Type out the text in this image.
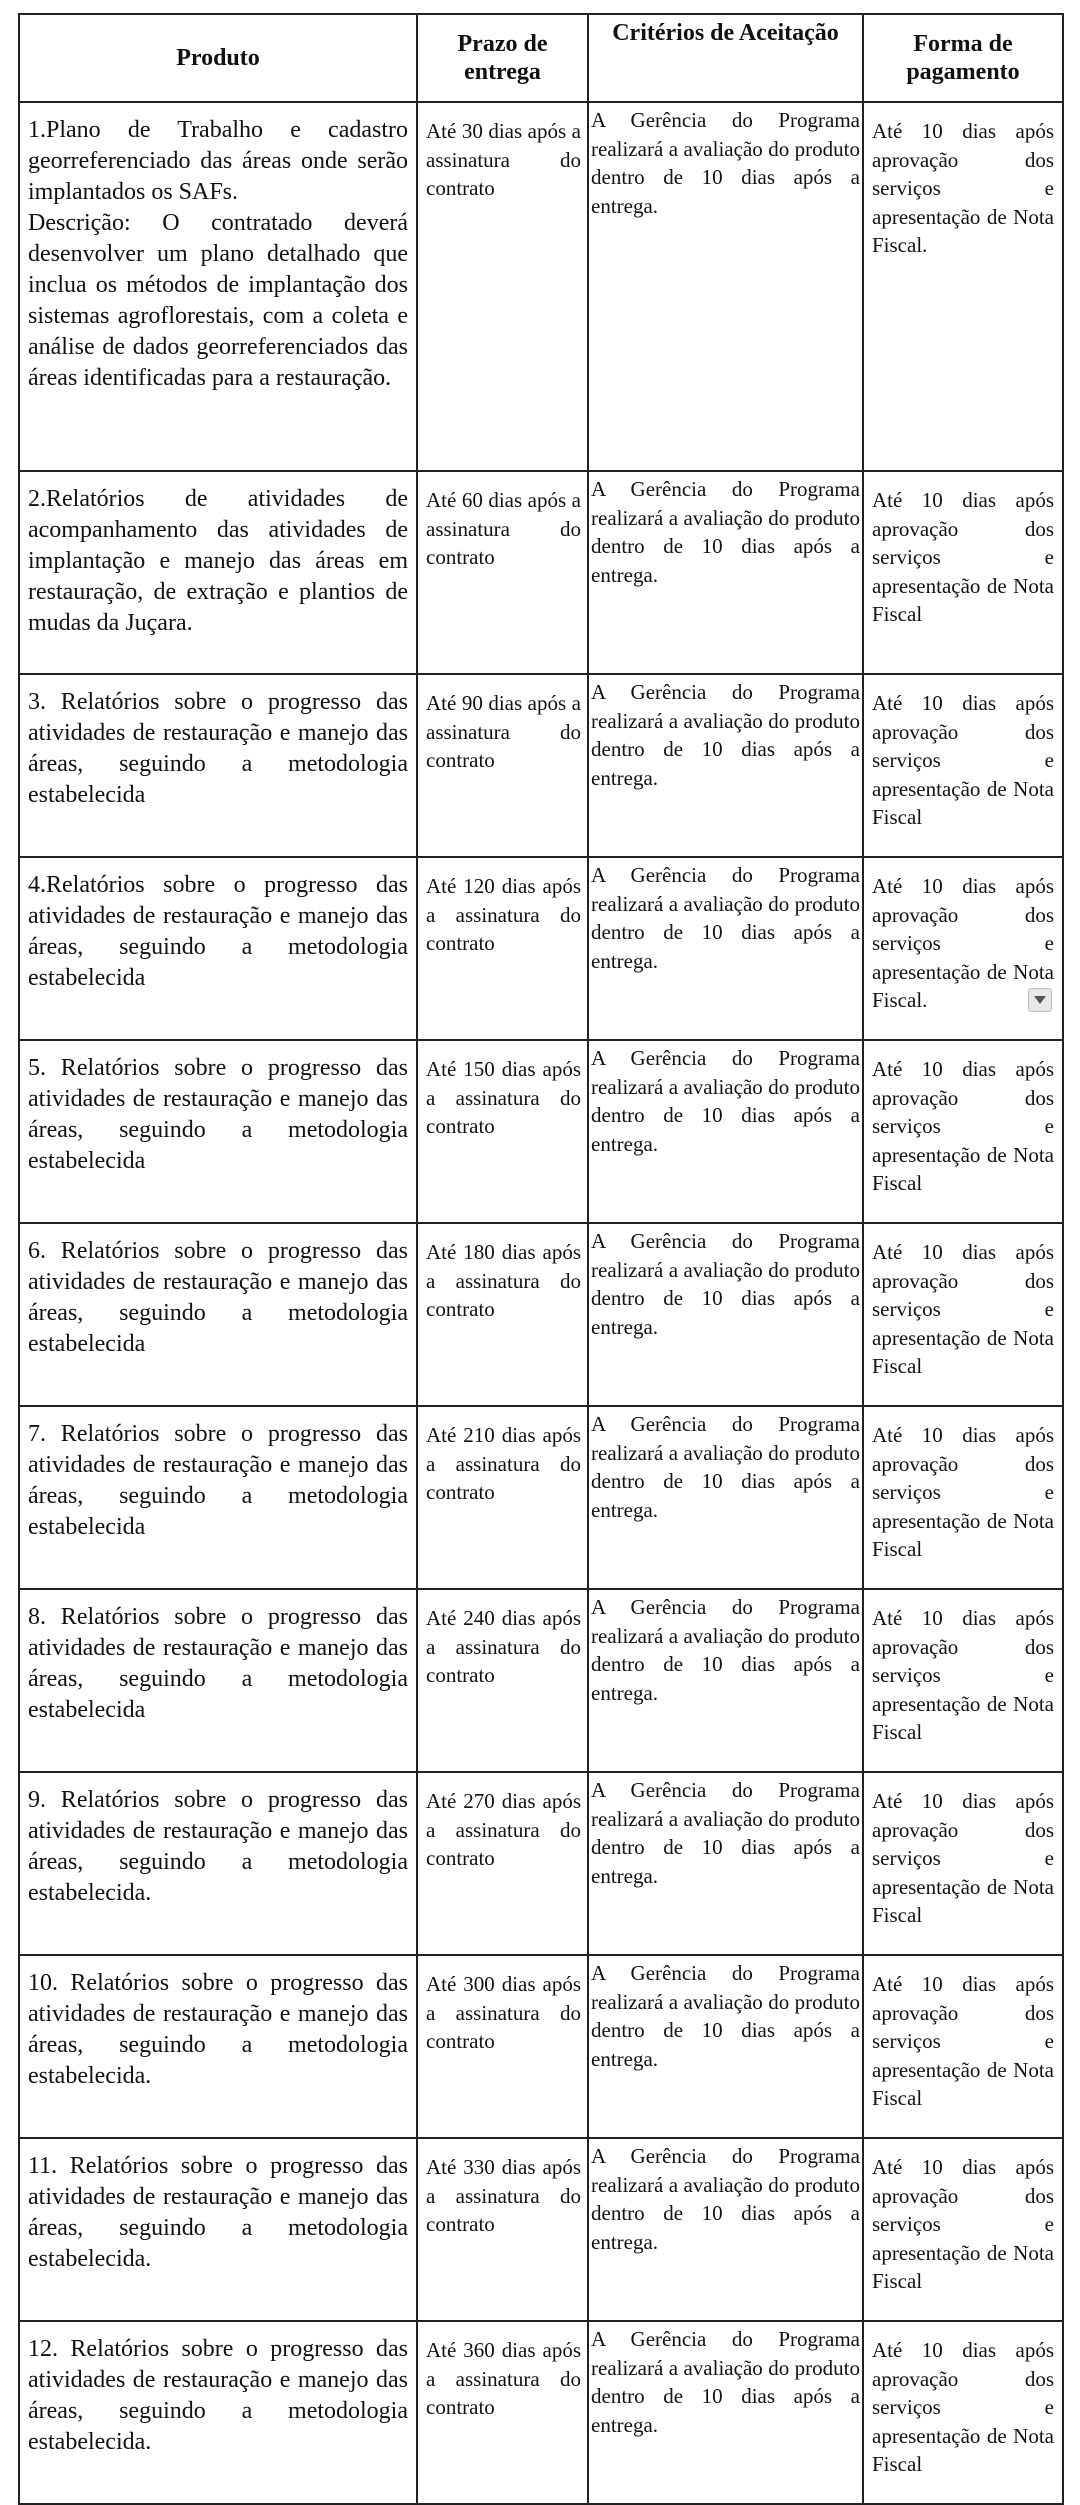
Produto	Prazo de entrega	Critérios de Aceitação	Forma de pagamento

1.Plano de Trabalho e cadastro georreferenciado das áreas onde serão implantados os SAFs.
Descrição: O contratado deverá desenvolver um plano detalhado que inclua os métodos de implantação dos sistemas agroflorestais, com a coleta e análise de dados georreferenciados das áreas identificadas para a restauração.	Até 30 dias após a assinatura do contrato	A Gerência do Programa realizará a avaliação do produto dentro de 10 dias após a entrega.	Até 10 dias após aprovação dos serviços e apresentação de Nota Fiscal.
2.Relatórios de atividades de acompanhamento das atividades de implantação e manejo das áreas em restauração, de extração e plantios de mudas da Juçara.	Até 60 dias após a assinatura do contrato	A Gerência do Programa realizará a avaliação do produto dentro de 10 dias após a entrega.	Até 10 dias após aprovação dos serviços e apresentação de Nota Fiscal
3. Relatórios sobre o progresso das atividades de restauração e manejo das áreas, seguindo a metodologia estabelecida	Até 90 dias após a assinatura do contrato	A Gerência do Programa realizará a avaliação do produto dentro de 10 dias após a entrega.	Até 10 dias após aprovação dos serviços e apresentação de Nota Fiscal
4.Relatórios sobre o progresso das atividades de restauração e manejo das áreas, seguindo a metodologia estabelecida	Até 120 dias após a assinatura do contrato	A Gerência do Programa realizará a avaliação do produto dentro de 10 dias após a entrega.	Até 10 dias após aprovação dos serviços e apresentação de Nota Fiscal.
5. Relatórios sobre o progresso das atividades de restauração e manejo das áreas, seguindo a metodologia estabelecida	Até 150 dias após a assinatura do contrato	A Gerência do Programa realizará a avaliação do produto dentro de 10 dias após a entrega.	Até 10 dias após aprovação dos serviços e apresentação de Nota Fiscal
6. Relatórios sobre o progresso das atividades de restauração e manejo das áreas, seguindo a metodologia estabelecida	Até 180 dias após a assinatura do contrato	A Gerência do Programa realizará a avaliação do produto dentro de 10 dias após a entrega.	Até 10 dias após aprovação dos serviços e apresentação de Nota Fiscal
7. Relatórios sobre o progresso das atividades de restauração e manejo das áreas, seguindo a metodologia estabelecida	Até 210 dias após a assinatura do contrato	A Gerência do Programa realizará a avaliação do produto dentro de 10 dias após a entrega.	Até 10 dias após aprovação dos serviços e apresentação de Nota Fiscal
8. Relatórios sobre o progresso das atividades de restauração e manejo das áreas, seguindo a metodologia estabelecida	Até 240 dias após a assinatura do contrato	A Gerência do Programa realizará a avaliação do produto dentro de 10 dias após a entrega.	Até 10 dias após aprovação dos serviços e apresentação de Nota Fiscal
9. Relatórios sobre o progresso das atividades de restauração e manejo das áreas, seguindo a metodologia estabelecida.	Até 270 dias após a assinatura do contrato	A Gerência do Programa realizará a avaliação do produto dentro de 10 dias após a entrega.	Até 10 dias após aprovação dos serviços e apresentação de Nota Fiscal
10. Relatórios sobre o progresso das atividades de restauração e manejo das áreas, seguindo a metodologia estabelecida.	Até 300 dias após a assinatura do contrato	A Gerência do Programa realizará a avaliação do produto dentro de 10 dias após a entrega.	Até 10 dias após aprovação dos serviços e apresentação de Nota Fiscal
11. Relatórios sobre o progresso das atividades de restauração e manejo das áreas, seguindo a metodologia estabelecida.	Até 330 dias após a assinatura do contrato	A Gerência do Programa realizará a avaliação do produto dentro de 10 dias após a entrega.	Até 10 dias após aprovação dos serviços e apresentação de Nota Fiscal
12. Relatórios sobre o progresso das atividades de restauração e manejo das áreas, seguindo a metodologia estabelecida.	Até 360 dias após a assinatura do contrato	A Gerência do Programa realizará a avaliação do produto dentro de 10 dias após a entrega.	Até 10 dias após aprovação dos serviços e apresentação de Nota Fiscal
